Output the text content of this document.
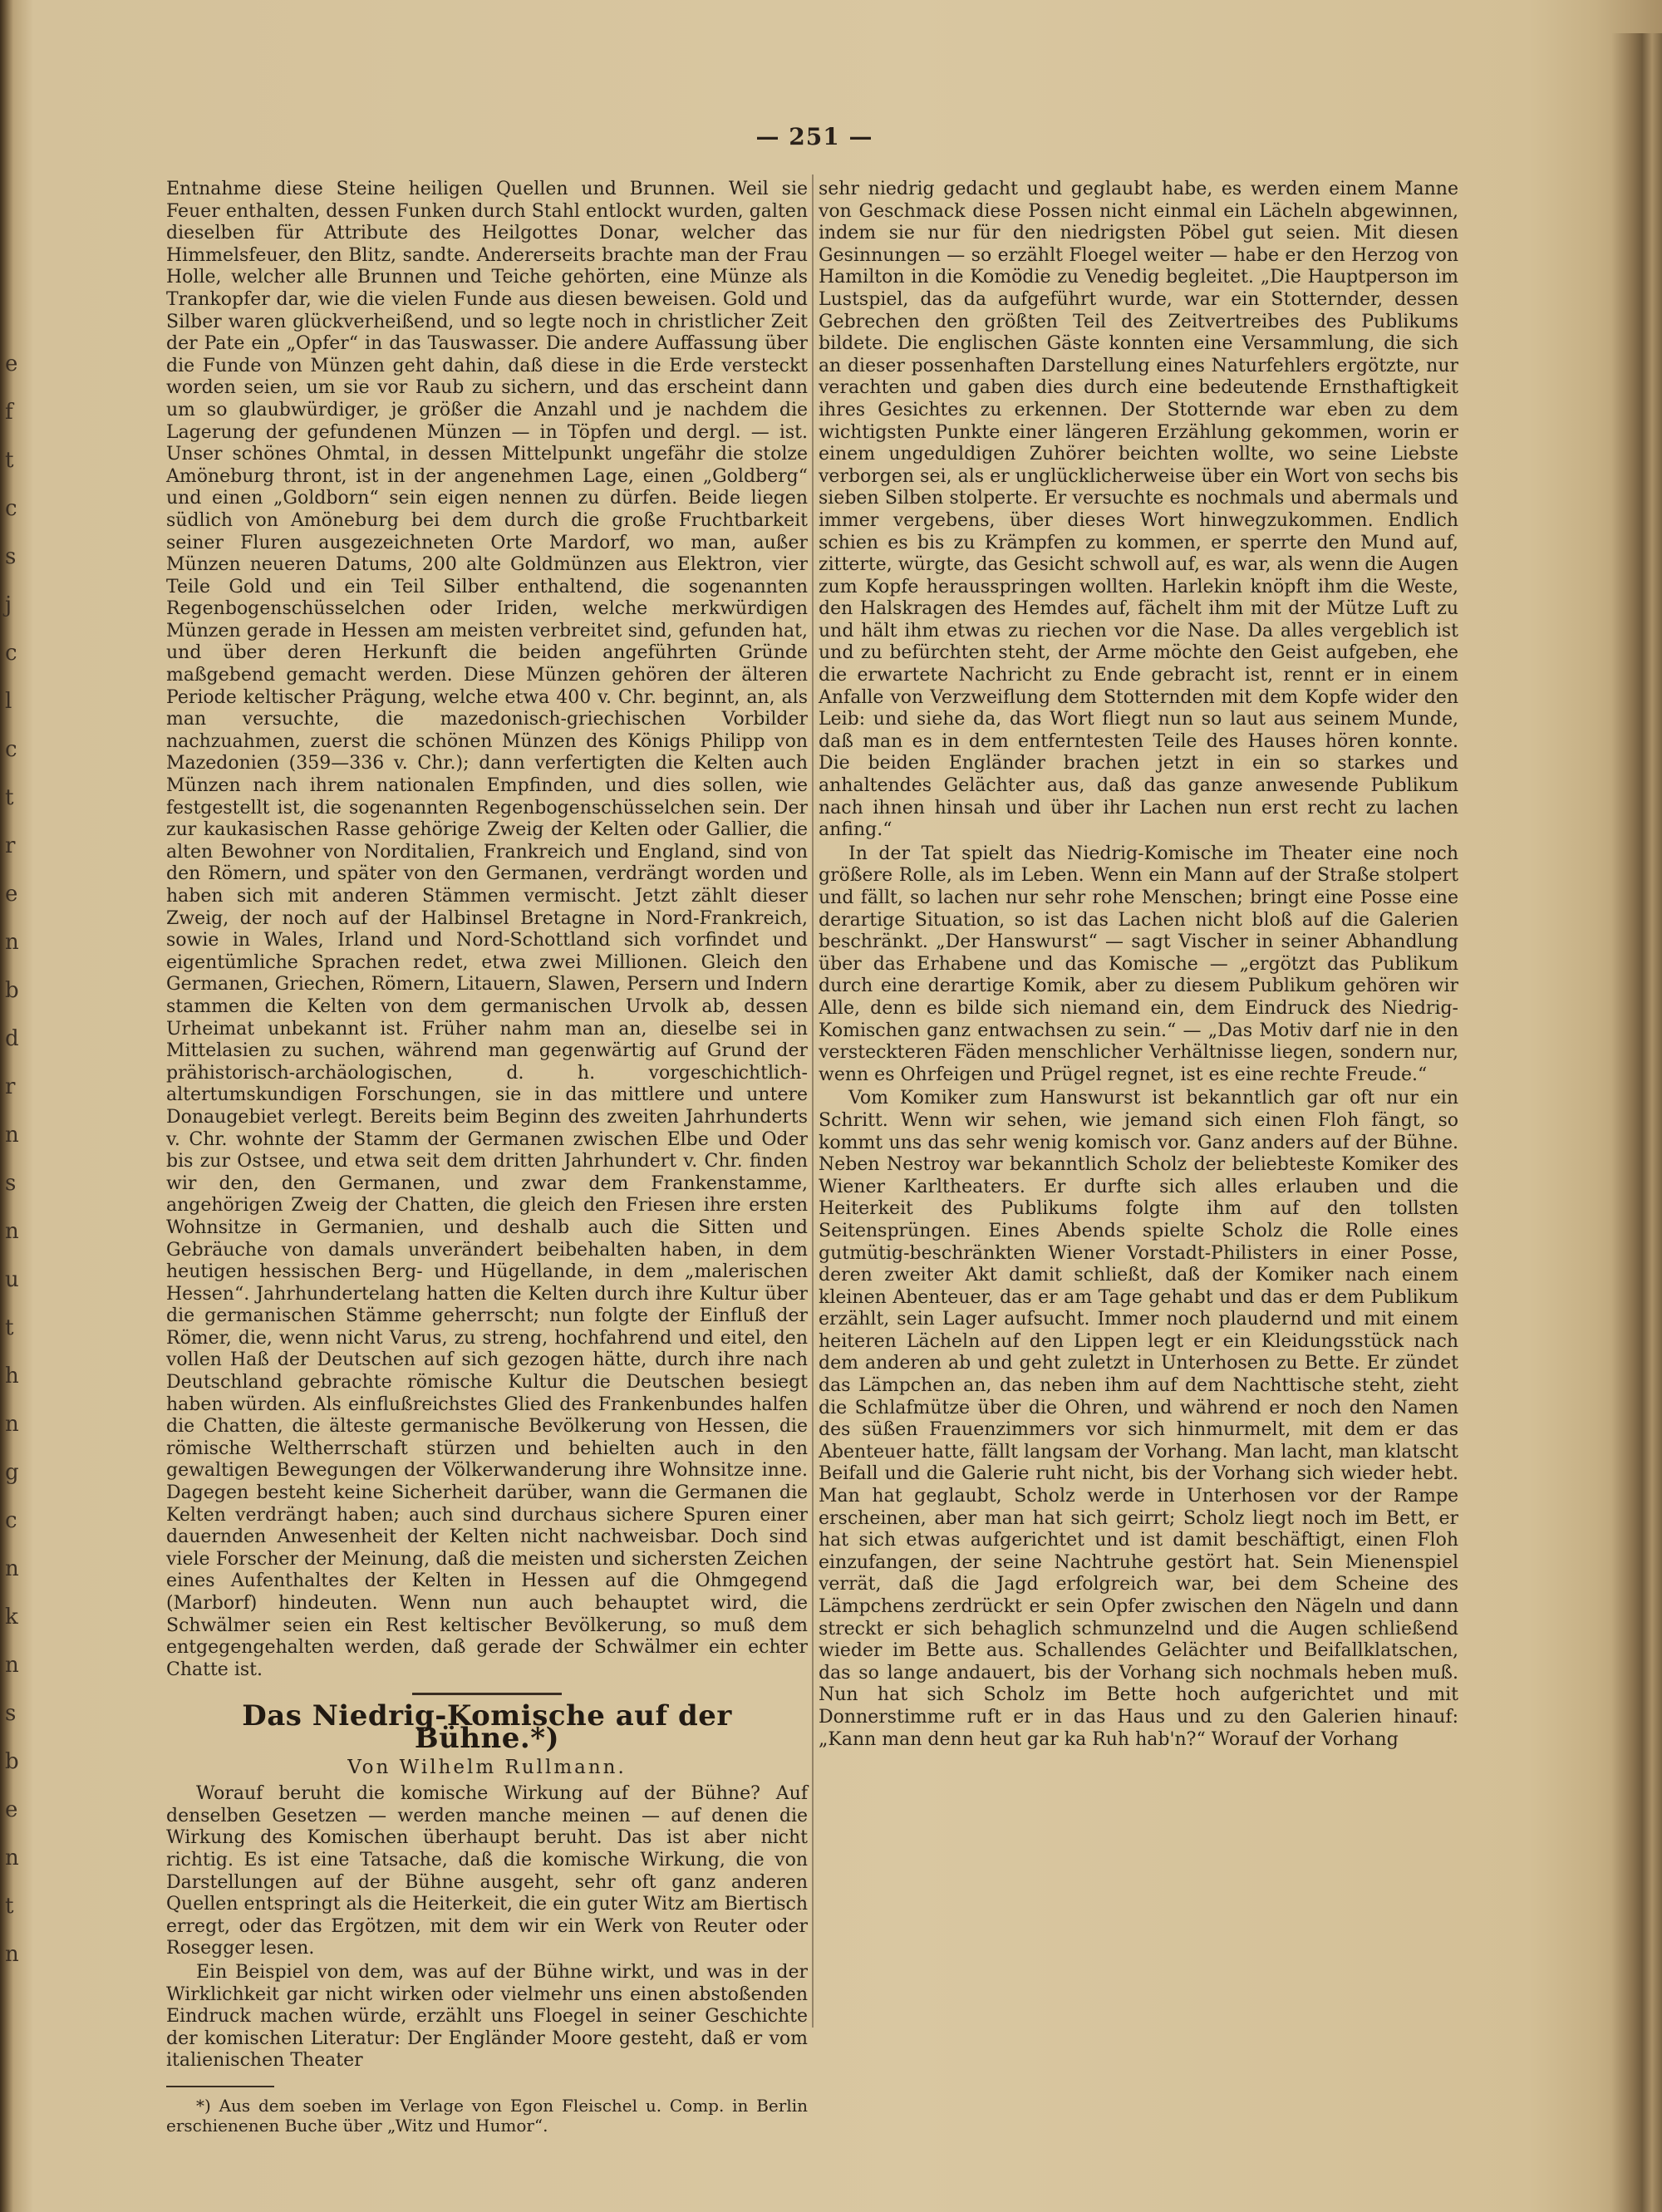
e
f
t
c
s
j
c
l
c
t
r
e
n
b
d
r
n
s
n
u
t
h
n
g
c
n
k
n
s
b
e
n
t
n
— 251 —

Entnahme diese Steine heiligen Quellen und Brunnen. Weil sie Feuer enthalten, dessen Funken durch Stahl entlockt wurden, galten dieselben für Attribute des Heilgottes Donar, welcher das Himmelsfeuer, den Blitz, sandte. Andererseits brachte man der Frau Holle, welcher alle Brunnen und Teiche gehörten, eine Münze als Trankopfer dar, wie die vielen Funde aus diesen beweisen. Gold und Silber waren glückverheißend, und so legte noch in christlicher Zeit der Pate ein „Opfer“ in das Tauswasser. Die andere Auffassung über die Funde von Münzen geht dahin, daß diese in die Erde versteckt worden seien, um sie vor Raub zu sichern, und das erscheint dann um so glaubwürdiger, je größer die Anzahl und je nachdem die Lagerung der gefundenen Münzen — in Töpfen und dergl. — ist. Unser schönes Ohmtal, in dessen Mittelpunkt ungefähr die stolze Amöneburg thront, ist in der angenehmen Lage, einen „Goldberg“ und einen „Goldborn“ sein eigen nennen zu dürfen. Beide liegen südlich von Amöneburg bei dem durch die große Fruchtbarkeit seiner Fluren ausgezeichneten Orte Mardorf, wo man, außer Münzen neueren Datums, 200 alte Goldmünzen aus Elektron, vier Teile Gold und ein Teil Silber enthaltend, die sogenannten Regenbogenschüsselchen oder Iriden, welche merkwürdigen Münzen gerade in Hessen am meisten verbreitet sind, gefunden hat, und über deren Herkunft die beiden angeführten Gründe maßgebend gemacht werden. Diese Münzen gehören der älteren Periode keltischer Prägung, welche etwa 400 v. Chr. beginnt, an, als man versuchte, die mazedonisch-griechischen Vorbilder nachzuahmen, zuerst die schönen Münzen des Königs Philipp von Mazedonien (359—336 v. Chr.); dann verfertigten die Kelten auch Münzen nach ihrem nationalen Empfinden, und dies sollen, wie festgestellt ist, die sogenannten Regenbogenschüsselchen sein. Der zur kaukasischen Rasse gehörige Zweig der Kelten oder Gallier, die alten Bewohner von Norditalien, Frankreich und England, sind von den Römern, und später von den Germanen, verdrängt worden und haben sich mit anderen Stämmen vermischt. Jetzt zählt dieser Zweig, der noch auf der Halbinsel Bretagne in Nord-Frankreich, sowie in Wales, Irland und Nord-Schottland sich vorfindet und eigentümliche Sprachen redet, etwa zwei Millionen. Gleich den Germanen, Griechen, Römern, Litauern, Slawen, Persern und Indern stammen die Kelten von dem germanischen Urvolk ab, dessen Urheimat unbekannt ist. Früher nahm man an, dieselbe sei in Mittelasien zu suchen, während man gegenwärtig auf Grund der prähistorisch-archäologischen, d. h. vorgeschichtlich-altertumskundigen Forschungen, sie in das mittlere und untere Donaugebiet verlegt. Bereits beim Beginn des zweiten Jahrhunderts v. Chr. wohnte der Stamm der Germanen zwischen Elbe und Oder bis zur Ostsee, und etwa seit dem dritten Jahrhundert v. Chr. finden wir den, den Germanen, und zwar dem Frankenstamme, angehörigen Zweig der Chatten, die gleich den Friesen ihre ersten Wohnsitze in Germanien, und deshalb auch die Sitten und Gebräuche von damals unverändert beibehalten haben, in dem heutigen hessischen Berg- und Hügellande, in dem „malerischen Hessen“. Jahrhundertelang hatten die Kelten durch ihre Kultur über die germanischen Stämme geherrscht; nun folgte der Einfluß der Römer, die, wenn nicht Varus, zu streng, hochfahrend und eitel, den vollen Haß der Deutschen auf sich gezogen hätte, durch ihre nach Deutschland gebrachte römische Kultur die Deutschen besiegt haben würden. Als einflußreichstes Glied des Frankenbundes halfen die Chatten, die älteste germanische Bevölkerung von Hessen, die römische Weltherrschaft stürzen und behielten auch in den gewaltigen Bewegungen der Völkerwanderung ihre Wohnsitze inne. Dagegen besteht keine Sicherheit darüber, wann die Germanen die Kelten verdrängt haben; auch sind durchaus sichere Spuren einer dauernden Anwesenheit der Kelten nicht nachweisbar. Doch sind viele Forscher der Meinung, daß die meisten und sichersten Zeichen eines Aufenthaltes der Kelten in Hessen auf die Ohmgegend (Marborf) hindeuten. Wenn nun auch behauptet wird, die Schwälmer seien ein Rest keltischer Bevölkerung, so muß dem entgegengehalten werden, daß gerade der Schwälmer ein echter Chatte ist.

Das Niedrig-Komische auf der Bühne.*)
Von Wilhelm Rullmann.

Worauf beruht die komische Wirkung auf der Bühne? Auf denselben Gesetzen — werden manche meinen — auf denen die Wirkung des Komischen überhaupt beruht. Das ist aber nicht richtig. Es ist eine Tatsache, daß die komische Wirkung, die von Darstellungen auf der Bühne ausgeht, sehr oft ganz anderen Quellen entspringt als die Heiterkeit, die ein guter Witz am Biertisch erregt, oder das Ergötzen, mit dem wir ein Werk von Reuter oder Rosegger lesen.

Ein Beispiel von dem, was auf der Bühne wirkt, und was in der Wirklichkeit gar nicht wirken oder vielmehr uns einen abstoßenden Eindruck machen würde, erzählt uns Floegel in seiner Geschichte der komischen Literatur: Der Engländer Moore gesteht, daß er vom italienischen Theater

*) Aus dem soeben im Verlage von Egon Fleischel u. Comp. in Berlin erschienenen Buche über „Witz und Humor“.

sehr niedrig gedacht und geglaubt habe, es werden einem Manne von Geschmack diese Possen nicht einmal ein Lächeln abgewinnen, indem sie nur für den niedrigsten Pöbel gut seien. Mit diesen Gesinnungen — so erzählt Floegel weiter — habe er den Herzog von Hamilton in die Komödie zu Venedig begleitet. „Die Hauptperson im Lustspiel, das da aufgeführt wurde, war ein Stotternder, dessen Gebrechen den größten Teil des Zeitvertreibes des Publikums bildete. Die englischen Gäste konnten eine Versammlung, die sich an dieser possenhaften Darstellung eines Naturfehlers ergötzte, nur verachten und gaben dies durch eine bedeutende Ernsthaftigkeit ihres Gesichtes zu erkennen. Der Stotternde war eben zu dem wichtigsten Punkte einer längeren Erzählung gekommen, worin er einem ungeduldigen Zuhörer beichten wollte, wo seine Liebste verborgen sei, als er unglücklicherweise über ein Wort von sechs bis sieben Silben stolperte. Er versuchte es nochmals und abermals und immer vergebens, über dieses Wort hinwegzukommen. Endlich schien es bis zu Krämpfen zu kommen, er sperrte den Mund auf, zitterte, würgte, das Gesicht schwoll auf, es war, als wenn die Augen zum Kopfe herausspringen wollten. Harlekin knöpft ihm die Weste, den Halskragen des Hemdes auf, fächelt ihm mit der Mütze Luft zu und hält ihm etwas zu riechen vor die Nase. Da alles vergeblich ist und zu befürchten steht, der Arme möchte den Geist aufgeben, ehe die erwartete Nachricht zu Ende gebracht ist, rennt er in einem Anfalle von Verzweiflung dem Stotternden mit dem Kopfe wider den Leib: und siehe da, das Wort fliegt nun so laut aus seinem Munde, daß man es in dem entferntesten Teile des Hauses hören konnte. Die beiden Engländer brachen jetzt in ein so starkes und anhaltendes Gelächter aus, daß das ganze anwesende Publikum nach ihnen hinsah und über ihr Lachen nun erst recht zu lachen anfing.“

In der Tat spielt das Niedrig-Komische im Theater eine noch größere Rolle, als im Leben. Wenn ein Mann auf der Straße stolpert und fällt, so lachen nur sehr rohe Menschen; bringt eine Posse eine derartige Situation, so ist das Lachen nicht bloß auf die Galerien beschränkt. „Der Hanswurst“ — sagt Vischer in seiner Abhandlung über das Erhabene und das Komische — „ergötzt das Publikum durch eine derartige Komik, aber zu diesem Publikum gehören wir Alle, denn es bilde sich niemand ein, dem Eindruck des Niedrig-Komischen ganz entwachsen zu sein.“ — „Das Motiv darf nie in den versteckteren Fäden menschlicher Verhältnisse liegen, sondern nur, wenn es Ohrfeigen und Prügel regnet, ist es eine rechte Freude.“

Vom Komiker zum Hanswurst ist bekanntlich gar oft nur ein Schritt. Wenn wir sehen, wie jemand sich einen Floh fängt, so kommt uns das sehr wenig komisch vor. Ganz anders auf der Bühne. Neben Nestroy war bekanntlich Scholz der beliebteste Komiker des Wiener Karltheaters. Er durfte sich alles erlauben und die Heiterkeit des Publikums folgte ihm auf den tollsten Seitensprüngen. Eines Abends spielte Scholz die Rolle eines gutmütig-beschränkten Wiener Vorstadt-Philisters in einer Posse, deren zweiter Akt damit schließt, daß der Komiker nach einem kleinen Abenteuer, das er am Tage gehabt und das er dem Publikum erzählt, sein Lager aufsucht. Immer noch plaudernd und mit einem heiteren Lächeln auf den Lippen legt er ein Kleidungsstück nach dem anderen ab und geht zuletzt in Unterhosen zu Bette. Er zündet das Lämpchen an, das neben ihm auf dem Nachttische steht, zieht die Schlafmütze über die Ohren, und während er noch den Namen des süßen Frauenzimmers vor sich hinmurmelt, mit dem er das Abenteuer hatte, fällt langsam der Vorhang. Man lacht, man klatscht Beifall und die Galerie ruht nicht, bis der Vorhang sich wieder hebt. Man hat geglaubt, Scholz werde in Unterhosen vor der Rampe erscheinen, aber man hat sich geirrt; Scholz liegt noch im Bett, er hat sich etwas aufgerichtet und ist damit beschäftigt, einen Floh einzufangen, der seine Nachtruhe gestört hat. Sein Mienenspiel verrät, daß die Jagd erfolgreich war, bei dem Scheine des Lämpchens zerdrückt er sein Opfer zwischen den Nägeln und dann streckt er sich behaglich schmunzelnd und die Augen schließend wieder im Bette aus. Schallendes Gelächter und Beifallklatschen, das so lange andauert, bis der Vorhang sich nochmals heben muß. Nun hat sich Scholz im Bette hoch aufgerichtet und mit Donnerstimme ruft er in das Haus und zu den Galerien hinauf: „Kann man denn heut gar ka Ruh hab'n?“ Worauf der Vorhang
